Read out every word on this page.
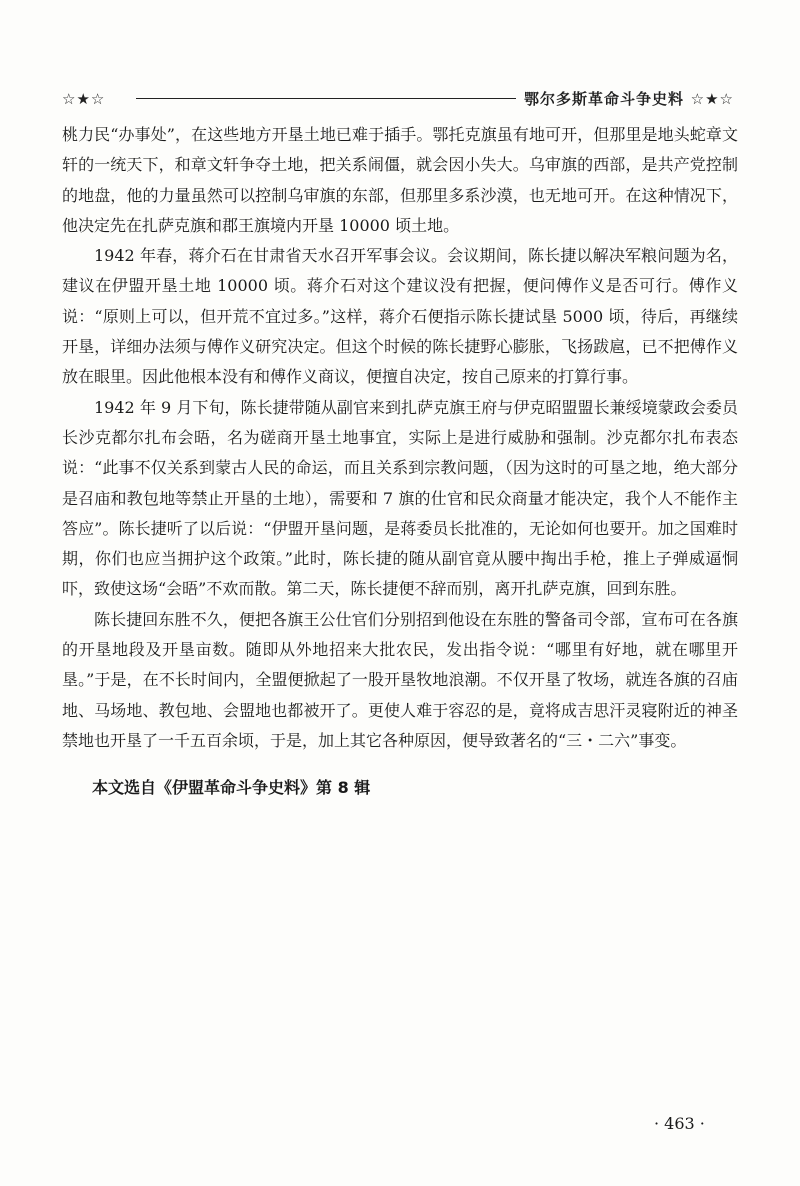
☆★☆	鄂尔多斯革命斗争史料 ☆★☆

桃力民“办事处”，在这些地方开垦土地已难于插手。鄂托克旗虽有地可开，但那里是地头蛇章文轩的一统天下，和章文轩争夺土地，把关系闹僵，就会因小失大。乌审旗的西部，是共产党控制的地盘，他的力量虽然可以控制乌审旗的东部，但那里多系沙漠，也无地可开。在这种情况下，他决定先在扎萨克旗和郡王旗境内开垦 10000 顷土地。

1942 年春，蒋介石在甘肃省天水召开军事会议。会议期间，陈长捷以解决军粮问题为名，建议在伊盟开垦土地 10000 顷。蒋介石对这个建议没有把握，便问傅作义是否可行。傅作义说：“原则上可以，但开荒不宜过多。”这样，蒋介石便指示陈长捷试垦 5000 顷，待后，再继续开垦，详细办法须与傅作义研究决定。但这个时候的陈长捷野心膨胀，飞扬跋扈，已不把傅作义放在眼里。因此他根本没有和傅作义商议，便擅自决定，按自己原来的打算行事。

1942 年 9 月下旬，陈长捷带随从副官来到扎萨克旗王府与伊克昭盟盟长兼绥境蒙政会委员长沙克都尔扎布会晤，名为磋商开垦土地事宜，实际上是进行威胁和强制。沙克都尔扎布表态说：“此事不仅关系到蒙古人民的命运，而且关系到宗教问题，（因为这时的可垦之地，绝大部分是召庙和教包地等禁止开垦的土地），需要和 7 旗的仕官和民众商量才能决定，我个人不能作主答应”。陈长捷听了以后说：“伊盟开垦问题，是蒋委员长批准的，无论如何也要开。加之国难时期，你们也应当拥护这个政策。”此时，陈长捷的随从副官竟从腰中掏出手枪，推上子弹威逼恫吓，致使这场“会晤”不欢而散。第二天，陈长捷便不辞而别，离开扎萨克旗，回到东胜。

陈长捷回东胜不久，便把各旗王公仕官们分别招到他设在东胜的警备司令部，宣布可在各旗的开垦地段及开垦亩数。随即从外地招来大批农民，发出指令说：“哪里有好地，就在哪里开垦。”于是，在不长时间内，全盟便掀起了一股开垦牧地浪潮。不仅开垦了牧场，就连各旗的召庙地、马场地、教包地、会盟地也都被开了。更使人难于容忍的是，竟将成吉思汗灵寝附近的神圣禁地也开垦了一千五百余顷，于是，加上其它各种原因，便导致著名的“三・二六”事变。

本文选自《伊盟革命斗争史料》第 8 辑
· 463 ·
